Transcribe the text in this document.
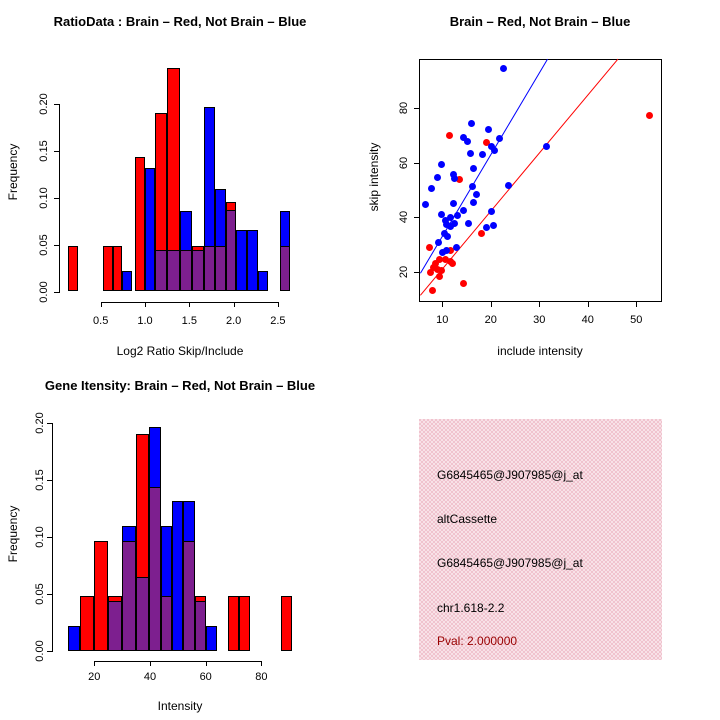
RatioData : Brain – Red, Not Brain – Blue	Brain – Red, Not Brain – Blue
Gene Itensity: Brain – Red, Not Brain – Blue
Log2 Ratio Skip/Include
Frequency
include intensity
skip intensity
Intensity
Frequency
0.5	1.0	1.5	2.0	2.5
0.00
0.05
0.10
0.15
0.20
10	20	30	40	50
20
40
60
80
20	40	60	80
0.00
0.05
0.10
0.15
0.20
G6845465@J907985@j_at
altCassette
G6845465@J907985@j_at
chr1.618-2.2
Pval: 2.000000
